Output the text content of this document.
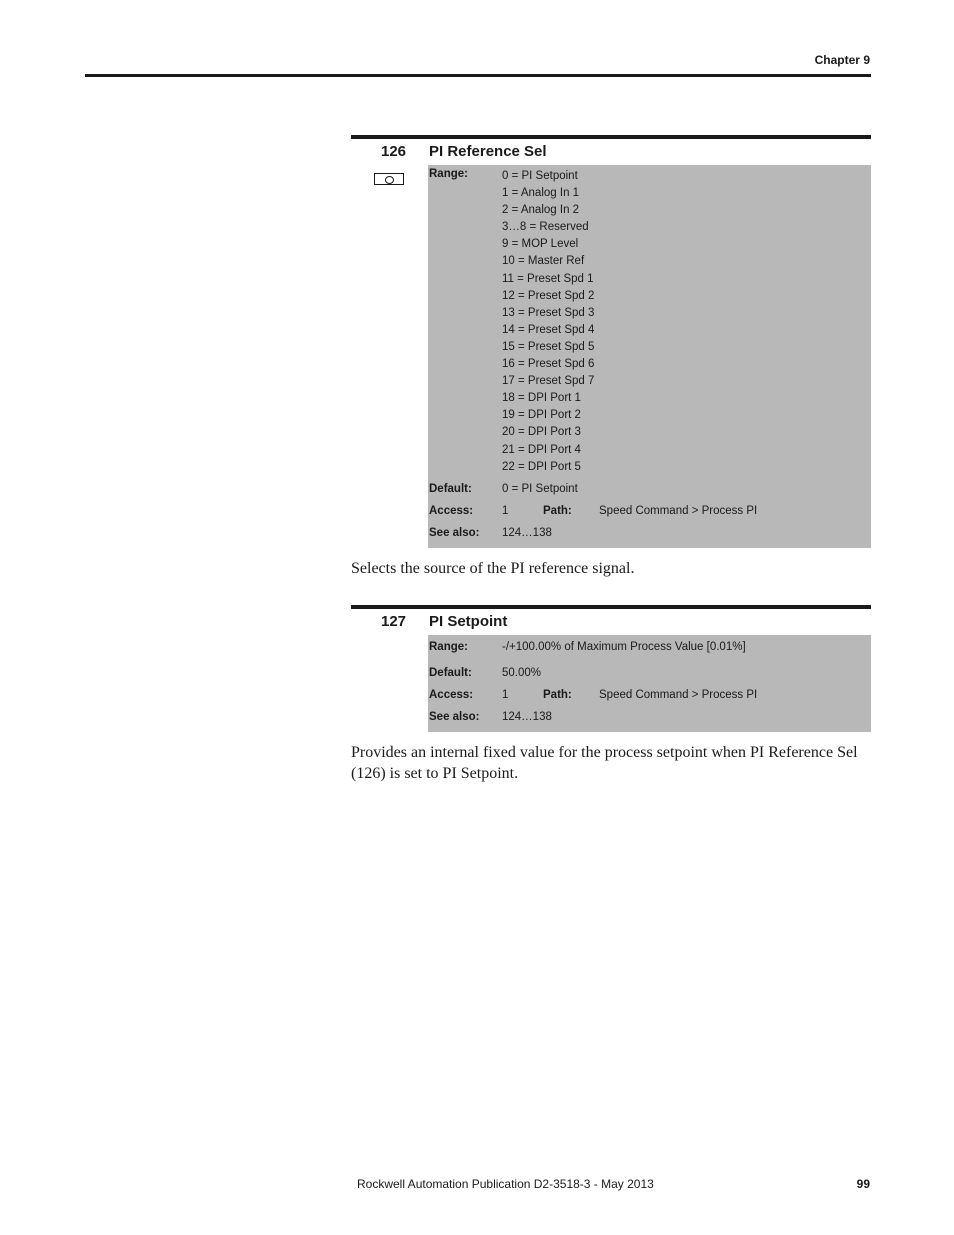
Chapter 9
126 PI Reference Sel
Range:	0 = PI Setpoint
1 = Analog In 1
2 = Analog In 2
3…8 = Reserved
9 = MOP Level
10 = Master Ref
11 = Preset Spd 1
12 = Preset Spd 2
13 = Preset Spd 3
14 = Preset Spd 4
15 = Preset Spd 5
16 = Preset Spd 6
17 = Preset Spd 7
18 = DPI Port 1
19 = DPI Port 2
20 = DPI Port 3
21 = DPI Port 4
22 = DPI Port 5
Default:	0 = PI Setpoint
Access:	1	Path: Speed Command > Process PI
See also: 124…138
Selects the source of the PI reference signal.
127 PI Setpoint
Range:	-/+100.00% of Maximum Process Value [0.01%]
Default:	50.00%
Access:	1	Path: Speed Command > Process PI
See also: 124…138
Provides an internal fixed value for the process setpoint when PI Reference Sel (126) is set to PI Setpoint.
Rockwell Automation Publication D2-3518-3 - May 2013	99
